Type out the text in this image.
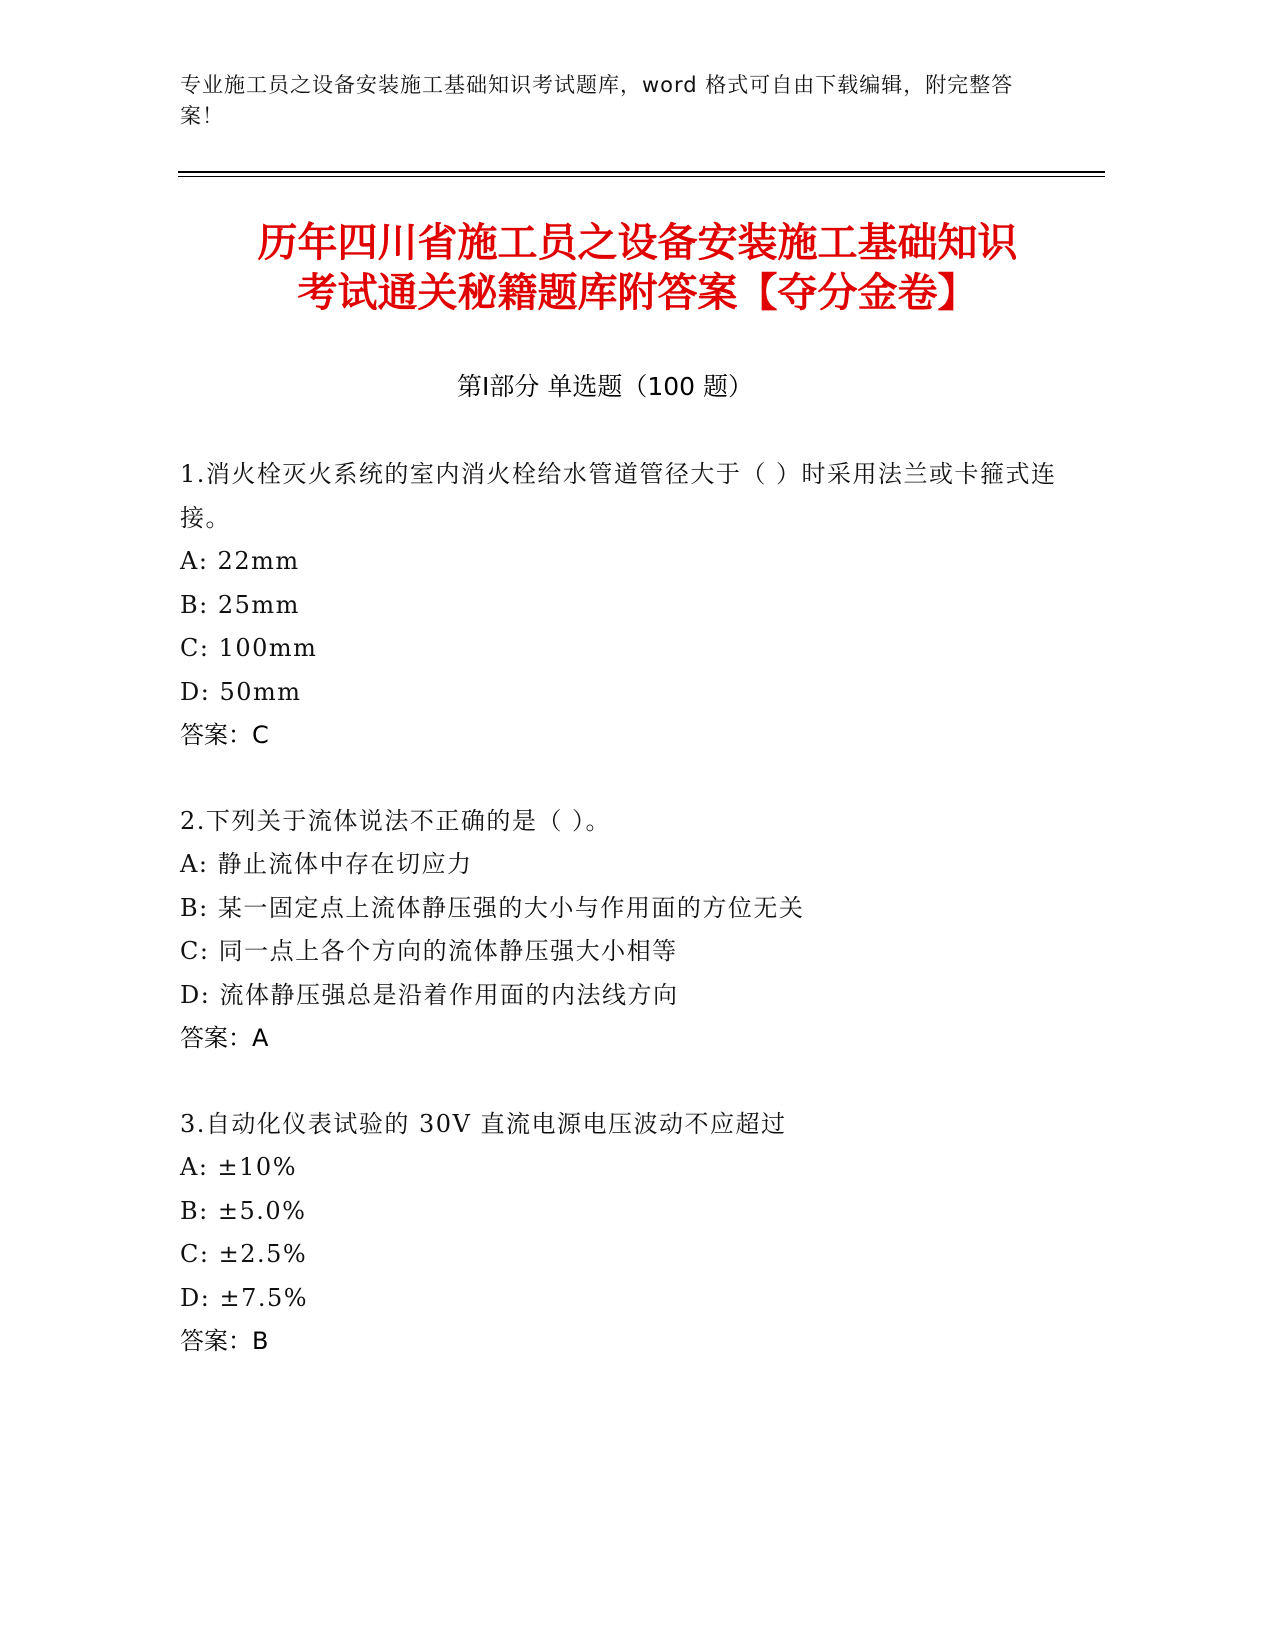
专业施工员之设备安装施工基础知识考试题库，word 格式可自由下载编辑，附完整答案！
历年四川省施工员之设备安装施工基础知识
考试通关秘籍题库附答案【夺分金卷】
第Ⅰ部分 单选题（100 题）
1.消火栓灭火系统的室内消火栓给水管道管径大于（ ）时采用法兰或卡箍式连接。
A: 22mm
B: 25mm
C: 100mm
D: 50mm
答案：C
2.下列关于流体说法不正确的是（ ）。
A: 静止流体中存在切应力
B: 某一固定点上流体静压强的大小与作用面的方位无关
C: 同一点上各个方向的流体静压强大小相等
D: 流体静压强总是沿着作用面的内法线方向
答案：A
3.自动化仪表试验的 30V 直流电源电压波动不应超过
A: ±10%
B: ±5.0%
C: ±2.5%
D: ±7.5%
答案：B
